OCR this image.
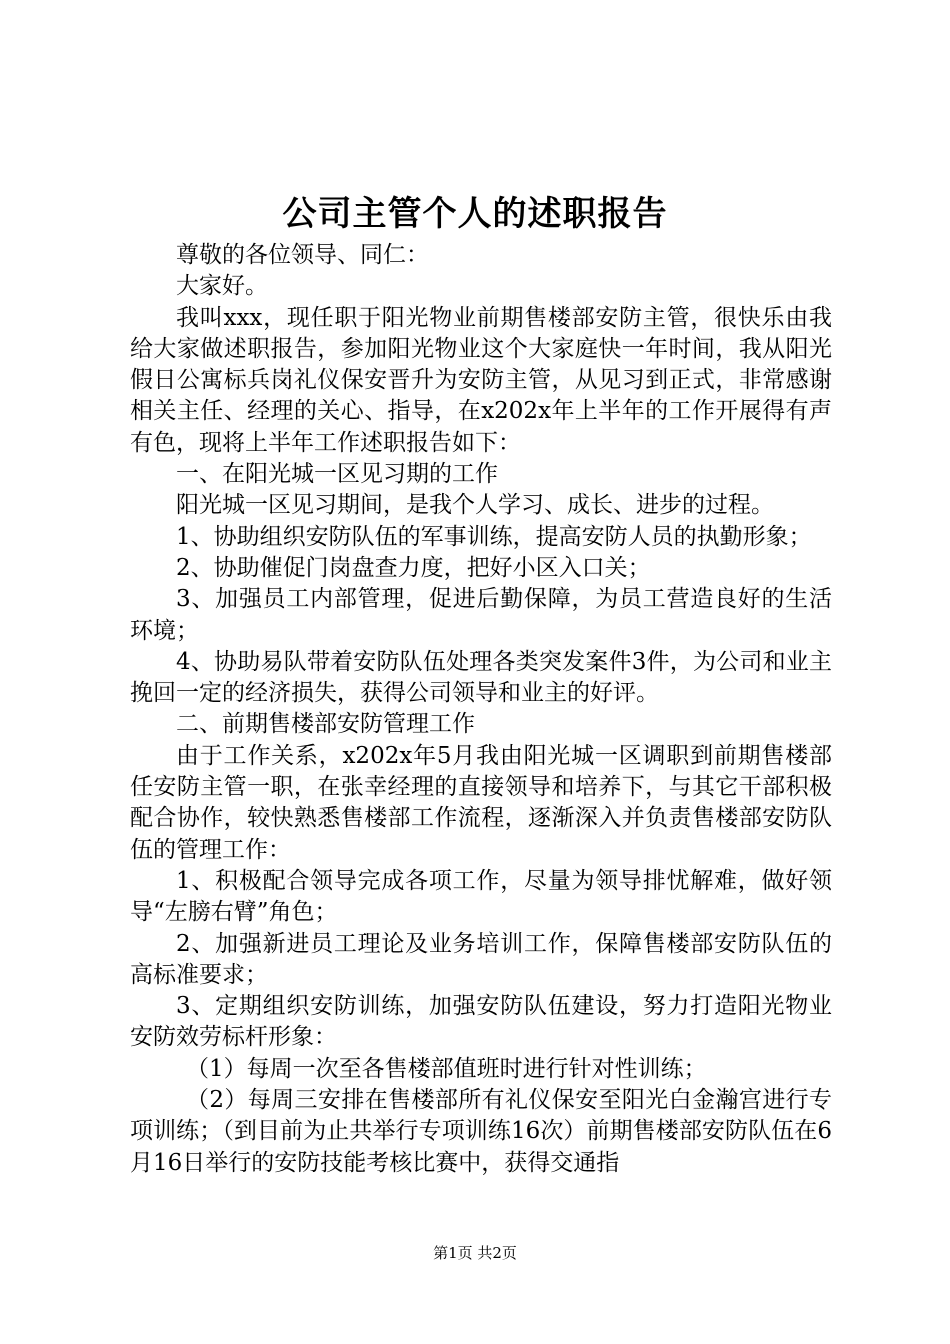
公司主管个人的述职报告

尊敬的各位领导、同仁：

大家好。

我叫xxx，现任职于阳光物业前期售楼部安防主管，很快乐由我给大家做述职报告，参加阳光物业这个大家庭快一年时间，我从阳光假日公寓标兵岗礼仪保安晋升为安防主管，从见习到正式，非常感谢相关主任、经理的关心、指导，在x202x年上半年的工作开展得有声有色，现将上半年工作述职报告如下：

一、在阳光城一区见习期的工作

阳光城一区见习期间，是我个人学习、成长、进步的过程。

1、协助组织安防队伍的军事训练，提高安防人员的执勤形象；

2、协助催促门岗盘查力度，把好小区入口关；

3、加强员工内部管理，促进后勤保障，为员工营造良好的生活环境；

4、协助易队带着安防队伍处理各类突发案件3件，为公司和业主挽回一定的经济损失，获得公司领导和业主的好评。

二、前期售楼部安防管理工作

由于工作关系，x202x年5月我由阳光城一区调职到前期售楼部任安防主管一职，在张幸经理的直接领导和培养下，与其它干部积极配合协作，较快熟悉售楼部工作流程，逐渐深入并负责售楼部安防队伍的管理工作：

1、积极配合领导完成各项工作，尽量为领导排忧解难，做好领导“左膀右臂”角色；

2、加强新进员工理论及业务培训工作，保障售楼部安防队伍的高标准要求；

3、定期组织安防训练，加强安防队伍建设，努力打造阳光物业安防效劳标杆形象：

（1）每周一次至各售楼部值班时进行针对性训练；

（2）每周三安排在售楼部所有礼仪保安至阳光白金瀚宫进行专项训练；（到目前为止共举行专项训练16次）前期售楼部安防队伍在6月16日举行的安防技能考核比赛中，获得交通指

第1页 共2页
